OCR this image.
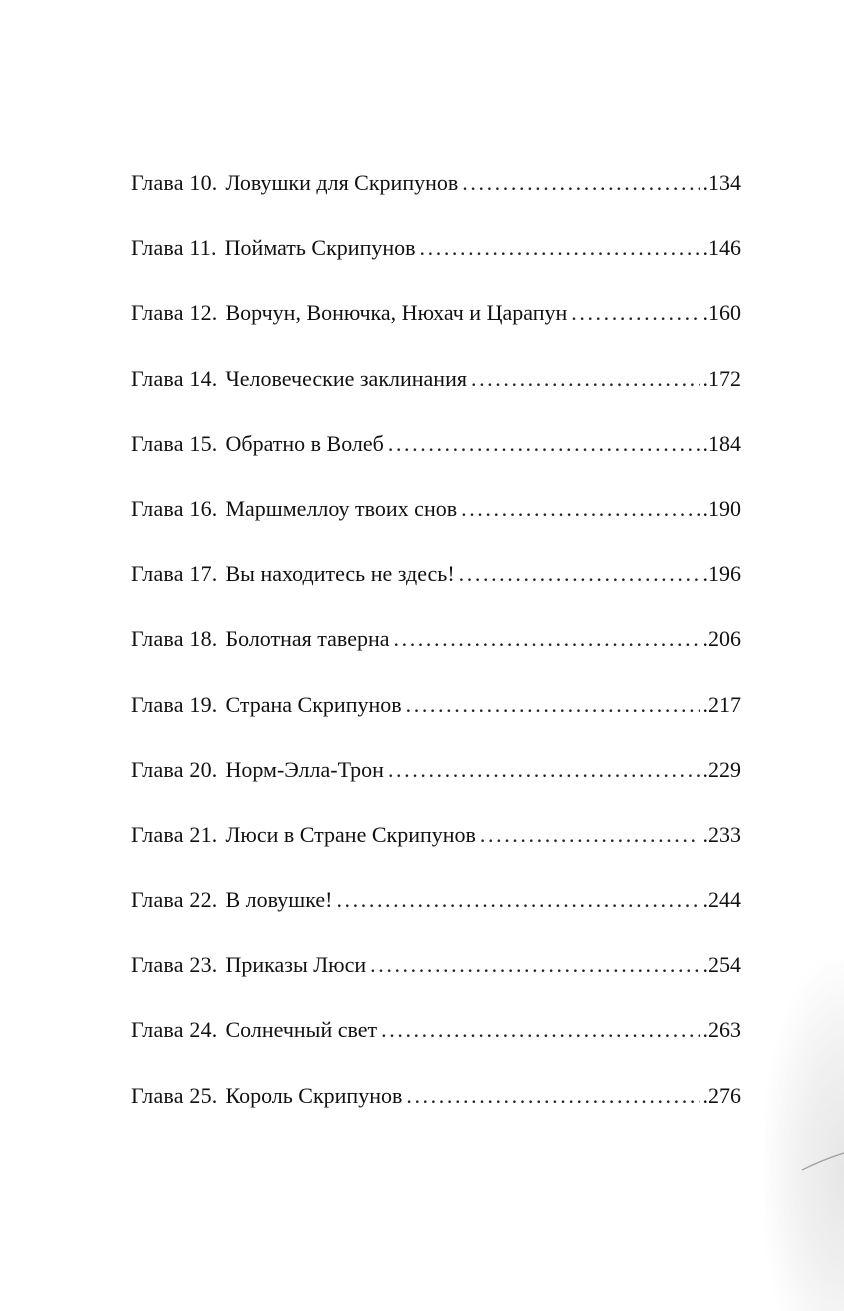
Глава 10. Ловушки для Скрипунов .....	.134
Глава 11. Поймать Скрипунов .....	.146
Глава 12. Ворчун, Вонючка, Нюхач и Царапун .....	.160
Глава 14. Человеческие заклинания .....	.172
Глава 15. Обратно в Волеб .....	.184
Глава 16. Маршмеллоу твоих снов .....	.190
Глава 17. Вы находитесь не здесь! .....	.196
Глава 18. Болотная таверна .....	.206
Глава 19. Страна Скрипунов .....	.217
Глава 20. Норм-Элла-Трон .....	.229
Глава 21. Люси в Стране Скрипунов .....	.233
Глава 22. В ловушке! .....	.244
Глава 23. Приказы Люси .....	.254
Глава 24. Солнечный свет .....	.263
Глава 25. Король Скрипунов .....	.276
